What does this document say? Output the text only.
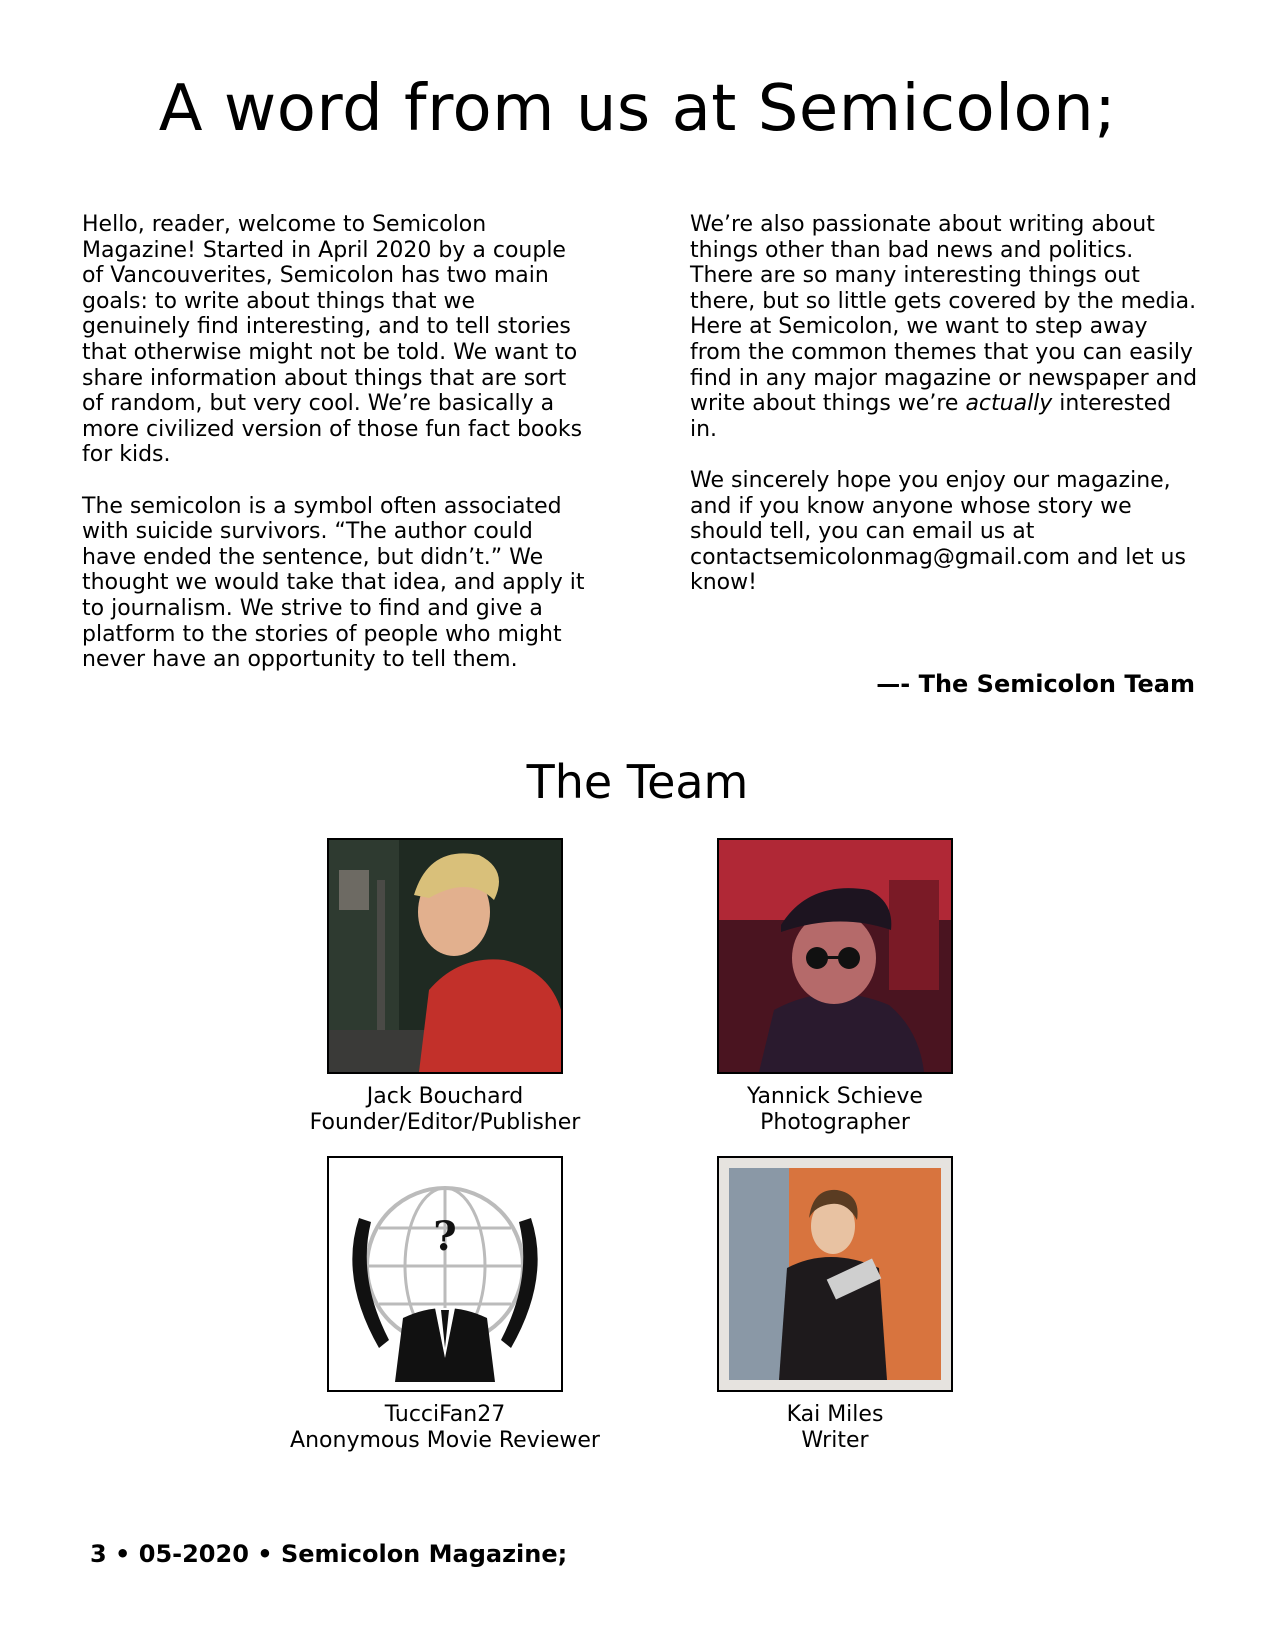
A word from us at Semicolon;

Hello, reader, welcome to Semicolon Magazine! Started in April 2020 by a couple of Vancouverites, Semicolon has two main goals: to write about things that we genuinely find interesting, and to tell stories that otherwise might not be told. We want to share information about things that are sort of random, but very cool. We’re basically a more civilized version of those fun fact books for kids.

The semicolon is a symbol often associated with suicide survivors. “The author could have ended the sentence, but didn’t.” We thought we would take that idea, and apply it to journalism. We strive to find and give a platform to the stories of people who might never have an opportunity to tell them.

We’re also passionate about writing about things other than bad news and politics. There are so many interesting things out there, but so little gets covered by the media. Here at Semicolon, we want to step away from the common themes that you can easily find in any major magazine or newspaper and write about things we’re actually interested in.

We sincerely hope you enjoy our magazine, and if you know anyone whose story we should tell, you can email us at contactsemicolonmag@gmail.com and let us know!

—- The Semicolon Team
The Team
Jack Bouchard
Founder/Editor/Publisher
Yannick Schieve
Photographer
?
TucciFan27
Anonymous Movie Reviewer
Kai Miles
Writer
3 • 05-2020 • Semicolon Magazine;
